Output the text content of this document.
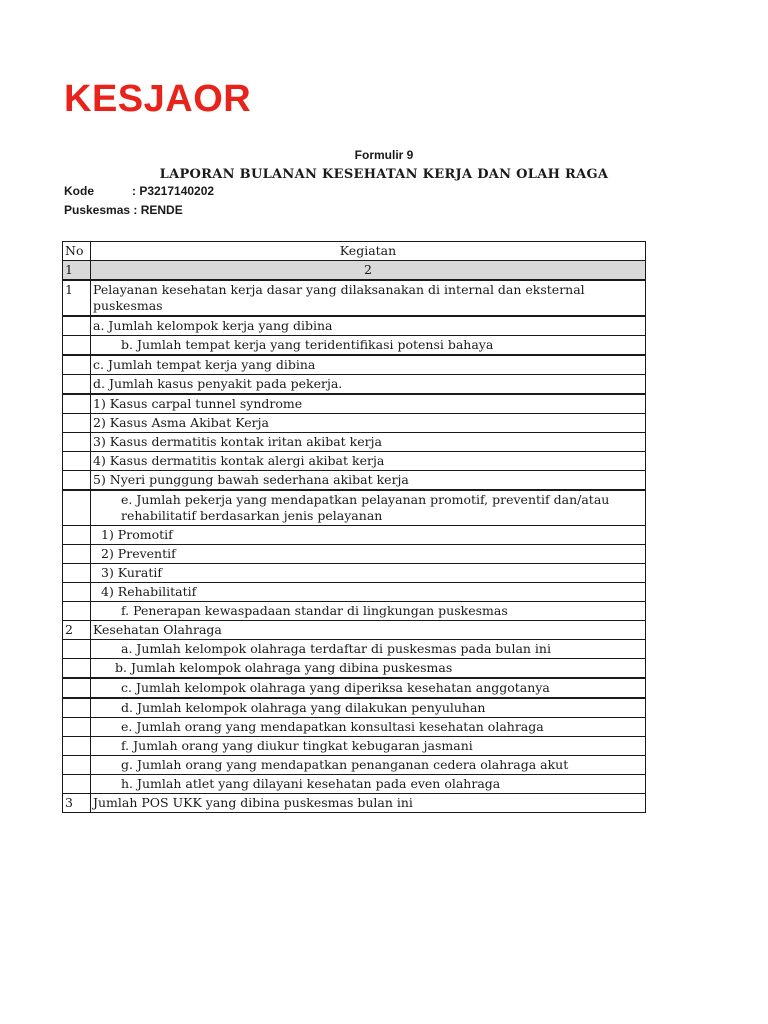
KESJAOR
Formulir 9
LAPORAN BULANAN KESEHATAN KERJA DAN OLAH RAGA
Kode	: P3217140202
Puskesmas : RENDE
No	Kegiatan
1	2
1	Pelayanan kesehatan kerja dasar yang dilaksanakan di internal dan eksternal puskesmas
	a. Jumlah kelompok kerja yang dibina
	b. Jumlah tempat kerja yang teridentifikasi potensi bahaya
	c. Jumlah tempat kerja yang dibina
	d. Jumlah kasus penyakit pada pekerja.
	1) Kasus carpal tunnel syndrome
	2) Kasus Asma Akibat Kerja
	3) Kasus dermatitis kontak iritan akibat kerja
	4) Kasus dermatitis kontak alergi akibat kerja
	5) Nyeri punggung bawah sederhana akibat kerja
	e. Jumlah pekerja yang mendapatkan pelayanan promotif, preventif dan/atau rehabilitatif berdasarkan jenis pelayanan
	1) Promotif
	2) Preventif
	3) Kuratif
	4) Rehabilitatif
	f. Penerapan kewaspadaan standar di lingkungan puskesmas
2	Kesehatan Olahraga
	a. Jumlah kelompok olahraga terdaftar di puskesmas pada bulan ini
	b. Jumlah kelompok olahraga yang dibina puskesmas
	c. Jumlah kelompok olahraga yang diperiksa kesehatan anggotanya
	d. Jumlah kelompok olahraga yang dilakukan penyuluhan
	e. Jumlah orang yang mendapatkan konsultasi kesehatan olahraga
	f. Jumlah orang yang diukur tingkat kebugaran jasmani
	g. Jumlah orang yang mendapatkan penanganan cedera olahraga akut
	h. Jumlah atlet yang dilayani kesehatan pada even olahraga
3	Jumlah POS UKK yang dibina puskesmas bulan ini
